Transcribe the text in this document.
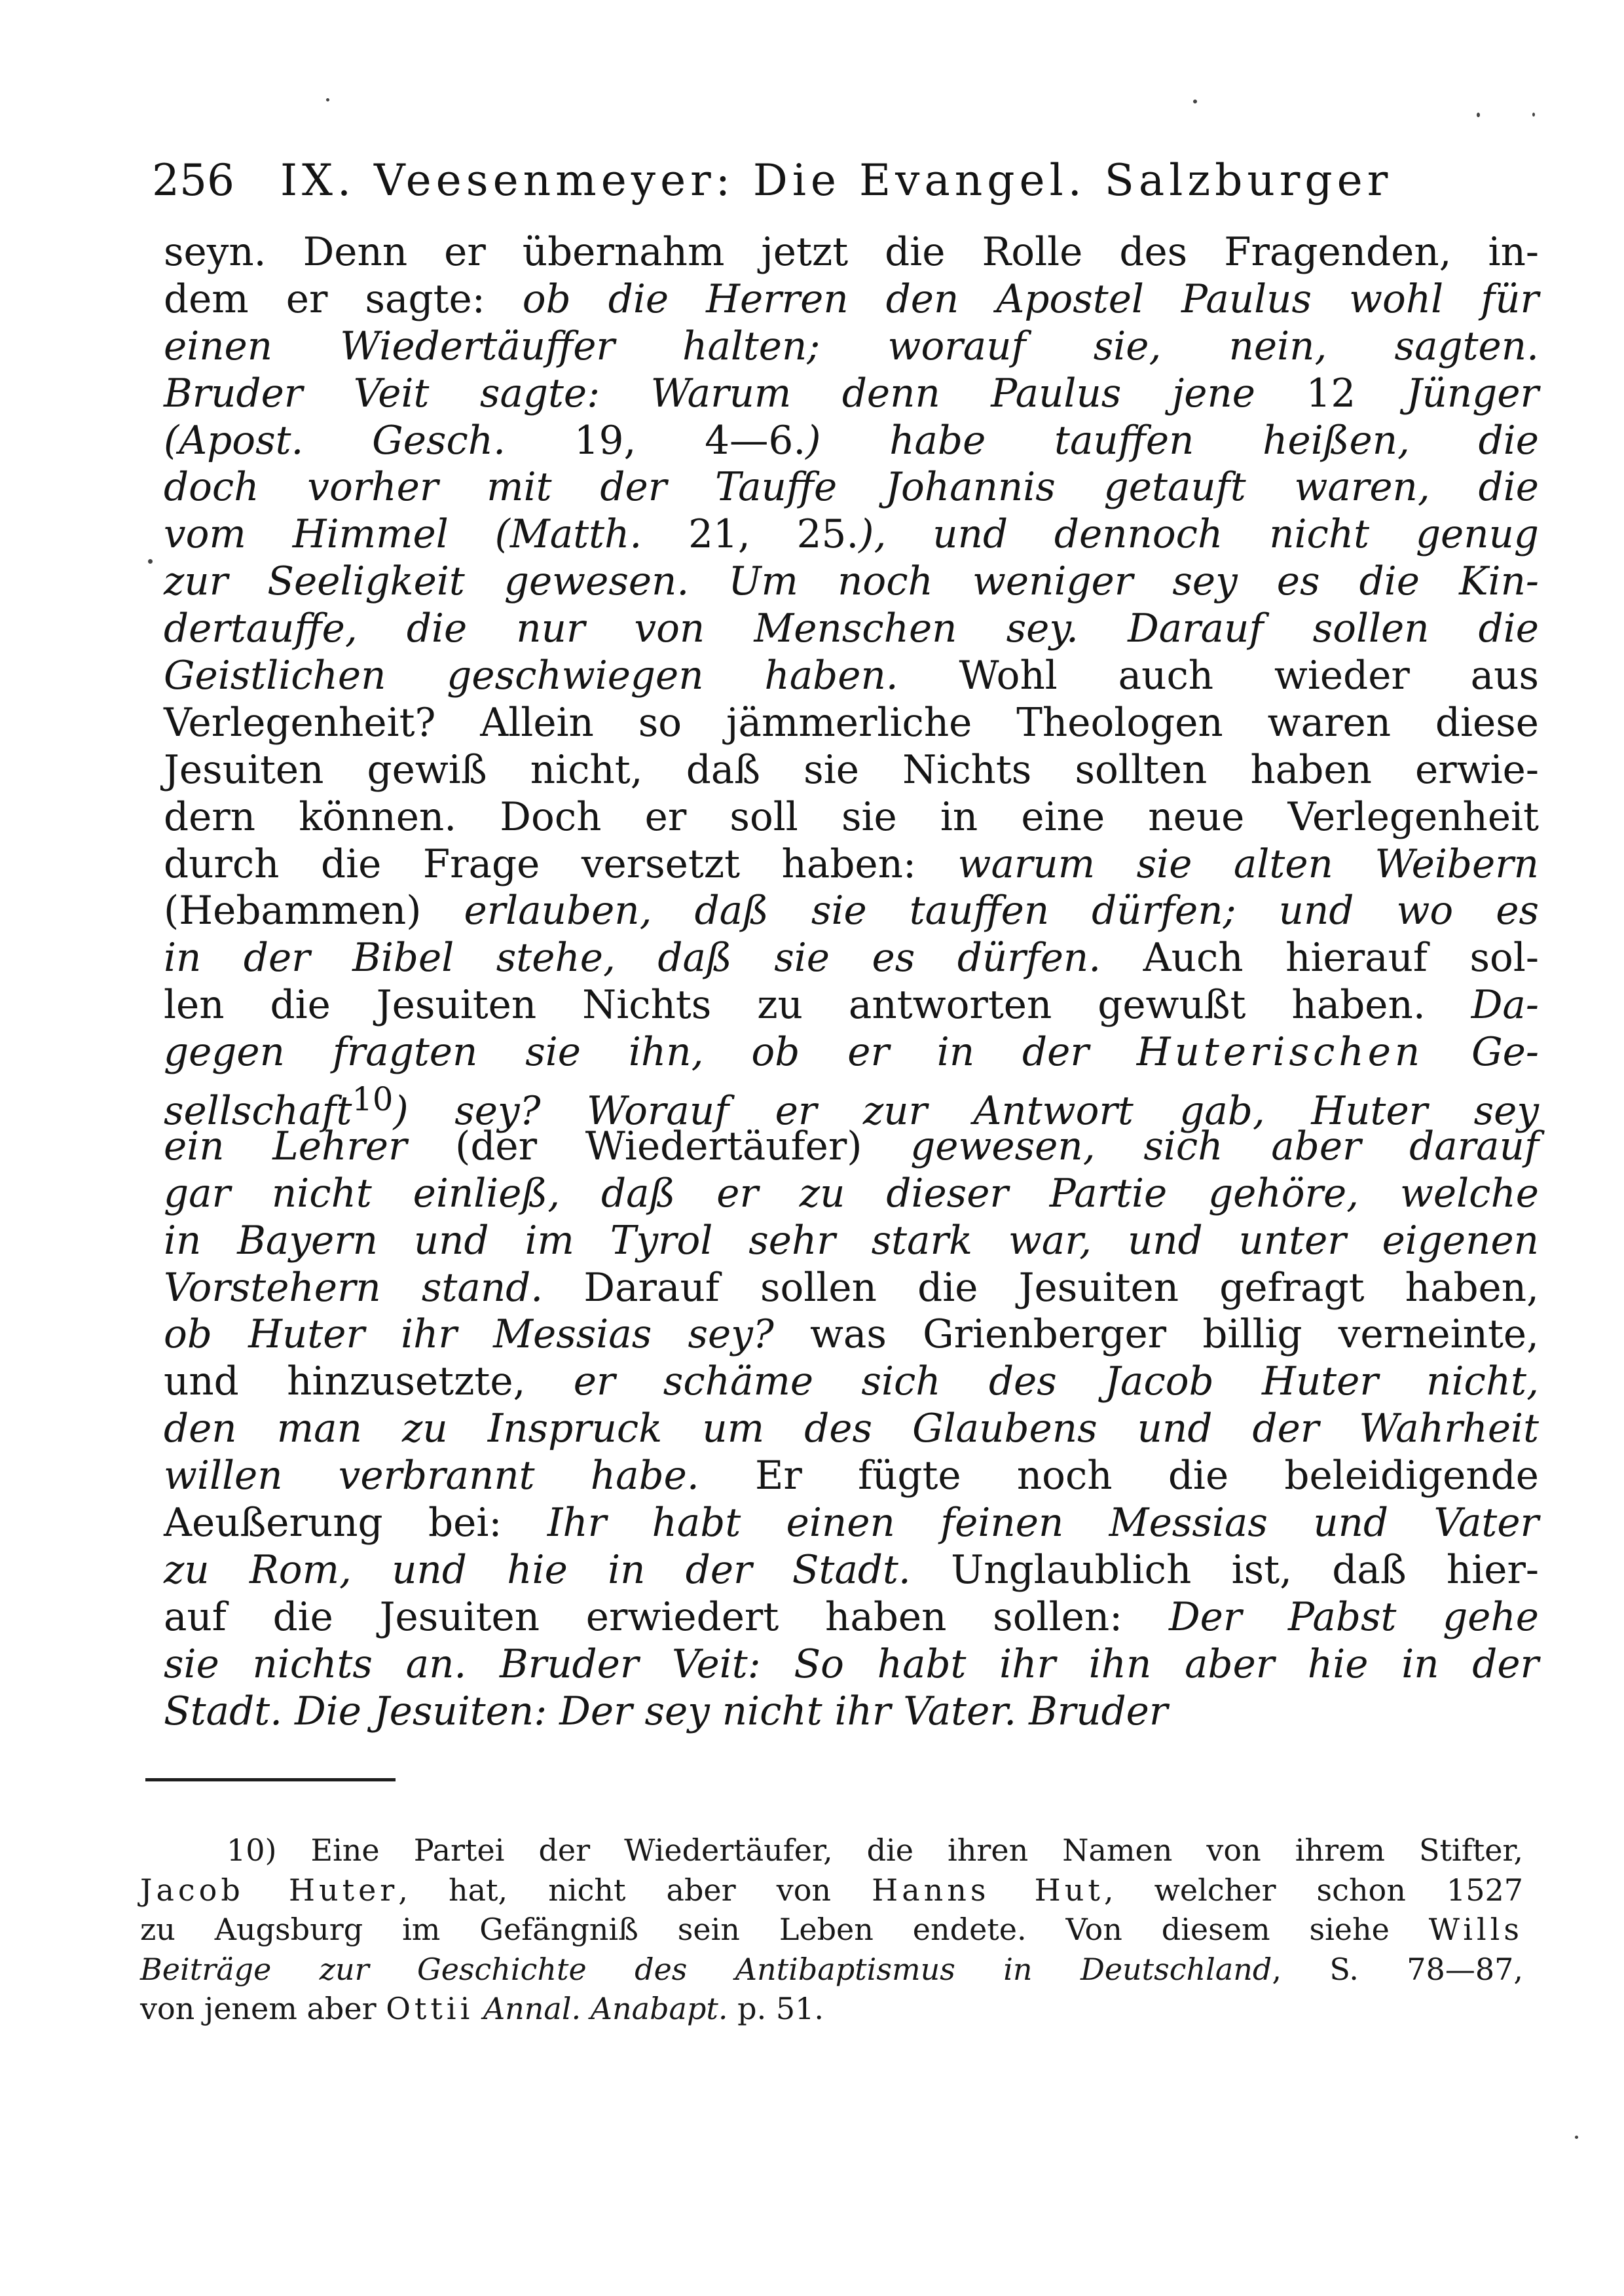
256 IX. Veesenmeyer: Die Evangel. Salzburger
seyn. Denn er übernahm jetzt die Rolle des Fragenden, in-
dem er sagte: ob die Herren den Apostel Paulus wohl für
einen Wiedertäuffer halten; worauf sie, nein, sagten.
Bruder Veit sagte: Warum denn Paulus jene 12 Jünger
(Apost. Gesch. 19, 4—6.) habe tauffen heißen, die
doch vorher mit der Tauffe Johannis getauft waren, die
vom Himmel (Matth. 21, 25.), und dennoch nicht genug
zur Seeligkeit gewesen. Um noch weniger sey es die Kin-
dertauffe, die nur von Menschen sey. Darauf sollen die
Geistlichen geschwiegen haben. Wohl auch wieder aus
Verlegenheit? Allein so jämmerliche Theologen waren diese
Jesuiten gewiß nicht, daß sie Nichts sollten haben erwie-
dern können. Doch er soll sie in eine neue Verlegenheit
durch die Frage versetzt haben: warum sie alten Weibern
(Hebammen) erlauben, daß sie tauffen dürfen; und wo es
in der Bibel stehe, daß sie es dürfen. Auch hierauf sol-
len die Jesuiten Nichts zu antworten gewußt haben. Da-
gegen fragten sie ihn, ob er in der Huterischen Ge-
sellschaft$^{10}$) sey? Worauf er zur Antwort gab, Huter sey
ein Lehrer (der Wiedertäufer) gewesen, sich aber darauf
gar nicht einließ, daß er zu dieser Partie gehöre, welche
in Bayern und im Tyrol sehr stark war, und unter eigenen
Vorstehern stand. Darauf sollen die Jesuiten gefragt haben,
ob Huter ihr Messias sey? was Grienberger billig verneinte,
und hinzusetzte, er schäme sich des Jacob Huter nicht,
den man zu Inspruck um des Glaubens und der Wahrheit
willen verbrannt habe. Er fügte noch die beleidigende
Aeußerung bei: Ihr habt einen feinen Messias und Vater
zu Rom, und hie in der Stadt. Unglaublich ist, daß hier-
auf die Jesuiten erwiedert haben sollen: Der Pabst gehe
sie nichts an. Bruder Veit: So habt ihr ihn aber hie in der
Stadt. Die Jesuiten: Der sey nicht ihr Vater. Bruder
10) Eine Partei der Wiedertäufer, die ihren Namen von ihrem Stifter,
Jacob Huter, hat, nicht aber von Hanns Hut, welcher schon 1527
zu Augsburg im Gefängniß sein Leben endete. Von diesem siehe Wills
Beiträge zur Geschichte des Antibaptismus in Deutschland, S. 78—87,
von jenem aber Ottii Annal. Anabapt. p. 51.
